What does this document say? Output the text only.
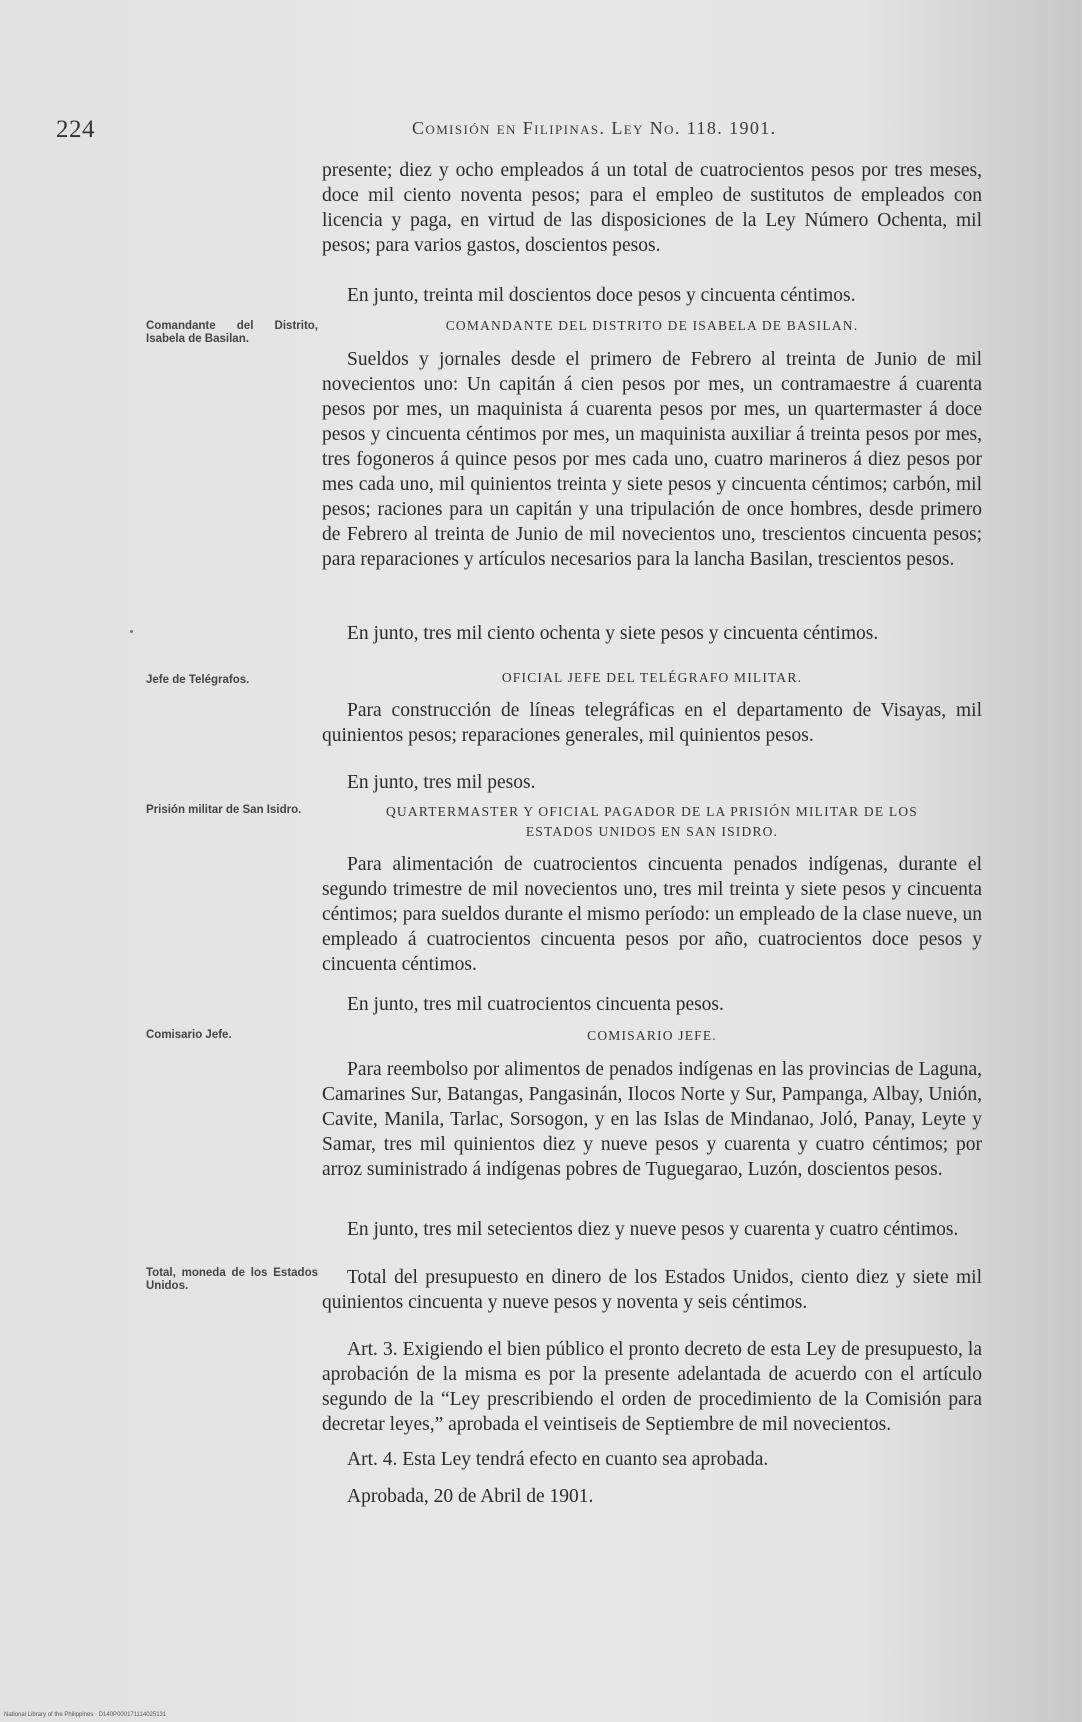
224	Comisión en Filipinas. Ley No. 118. 1901.

presente; diez y ocho empleados á un total de cuatrocientos pesos por tres meses, doce mil ciento noventa pesos; para el empleo de sustitutos de empleados con licencia y paga, en virtud de las disposiciones de la Ley Número Ochenta, mil pesos; para varios gastos, doscientos pesos.

En junto, treinta mil doscientos doce pesos y cincuenta céntimos.

Comandante del Distrito, Isabela de Basilan.

COMANDANTE DEL DISTRITO DE ISABELA DE BASILAN.

Sueldos y jornales desde el primero de Febrero al treinta de Junio de mil novecientos uno: Un capitán á cien pesos por mes, un contramaestre á cuarenta pesos por mes, un maquinista á cuarenta pesos por mes, un quartermaster á doce pesos y cincuenta céntimos por mes, un maquinista auxiliar á treinta pesos por mes, tres fogoneros á quince pesos por mes cada uno, cuatro marineros á diez pesos por mes cada uno, mil quinientos treinta y siete pesos y cincuenta céntimos; carbón, mil pesos; raciones para un capitán y una tripulación de once hombres, desde primero de Febrero al treinta de Junio de mil novecientos uno, trescientos cincuenta pesos; para reparaciones y artículos necesarios para la lancha Basilan, trescientos pesos.

En junto, tres mil ciento ochenta y siete pesos y cincuenta céntimos.

Jefe de Telégrafos.	OFICIAL JEFE DEL TELÉGRAFO MILITAR.

Para construcción de líneas telegráficas en el departamento de Visayas, mil quinientos pesos; reparaciones generales, mil quinientos pesos.

En junto, tres mil pesos.

Prisión militar de San Isidro.	QUARTERMASTER Y OFICIAL PAGADOR DE LA PRISIÓN MILITAR DE LOS

ESTADOS UNIDOS EN SAN ISIDRO.

Para alimentación de cuatrocientos cincuenta penados indígenas, durante el segundo trimestre de mil novecientos uno, tres mil treinta y siete pesos y cincuenta céntimos; para sueldos durante el mismo período: un empleado de la clase nueve, un empleado á cuatrocientos cincuenta pesos por año, cuatrocientos doce pesos y cincuenta céntimos.

En junto, tres mil cuatrocientos cincuenta pesos.

Comisario Jefe.	COMISARIO JEFE.

Para reembolso por alimentos de penados indígenas en las provincias de Laguna, Camarines Sur, Batangas, Pangasinán, Ilocos Norte y Sur, Pampanga, Albay, Unión, Cavite, Manila, Tarlac, Sorsogon, y en las Islas de Mindanao, Joló, Panay, Leyte y Samar, tres mil quinientos diez y nueve pesos y cuarenta y cuatro céntimos; por arroz suministrado á indígenas pobres de Tuguegarao, Luzón, doscientos pesos.

En junto, tres mil setecientos diez y nueve pesos y cuarenta y cuatro céntimos.

Total, moneda de los Estados Unidos.	Total del presupuesto en dinero de los Estados Unidos, ciento diez y siete mil quinientos cincuenta y nueve pesos y noventa y seis céntimos.

Art. 3. Exigiendo el bien público el pronto decreto de esta Ley de presupuesto, la aprobación de la misma es por la presente adelantada de acuerdo con el artículo segundo de la “Ley prescribiendo el orden de procedimiento de la Comisión para decretar leyes,” aprobada el veintiseis de Septiembre de mil novecientos.

Art. 4. Esta Ley tendrá efecto en cuanto sea aprobada.

Aprobada, 20 de Abril de 1901.

National Library of the Philippines · D140P000171114025131
